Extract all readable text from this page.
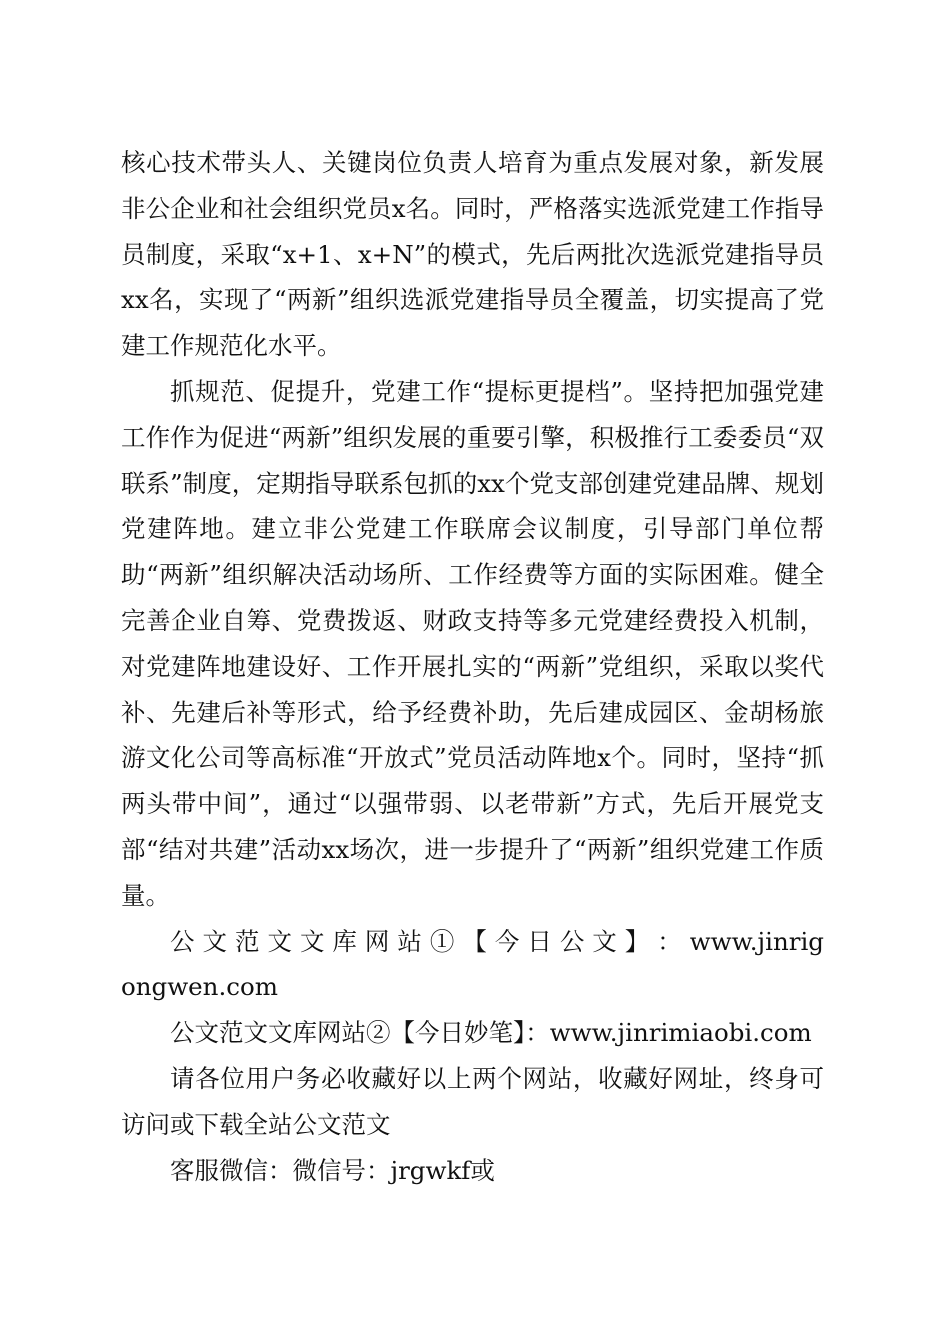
核心技术带头人、关键岗位负责人培育为重点发展对象，新发展非公企业和社会组织党员x名。同时，严格落实选派党建工作指导员制度，采取“x+1、x+N”的模式，先后两批次选派党建指导员xx名，实现了“两新”组织选派党建指导员全覆盖，切实提高了党建工作规范化水平。

抓规范、促提升，党建工作“提标更提档”。坚持把加强党建工作作为促进“两新”组织发展的重要引擎，积极推行工委委员“双联系”制度，定期指导联系包抓的xx个党支部创建党建品牌、规划党建阵地。建立非公党建工作联席会议制度，引导部门单位帮助“两新”组织解决活动场所、工作经费等方面的实际困难。健全完善企业自筹、党费拨返、财政支持等多元党建经费投入机制，对党建阵地建设好、工作开展扎实的“两新”党组织，采取以奖代补、先建后补等形式，给予经费补助，先后建成园区、金胡杨旅游文化公司等高标准“开放式”党员活动阵地x个。同时，坚持“抓两头带中间”，通过“以强带弱、以老带新”方式，先后开展党支部“结对共建”活动xx场次，进一步提升了“两新”组织党建工作质量。

公 文 范 文 文 库 网 站 ① 【 今 日 公 文 】 ： www.jinrigongwen.com

公文范文文库网站②【今日妙笔】：www.jinrimiaobi.com

请各位用户务必收藏好以上两个网站，收藏好网址，终身可访问或下载全站公文范文

客服微信：微信号：jrgwkf或
